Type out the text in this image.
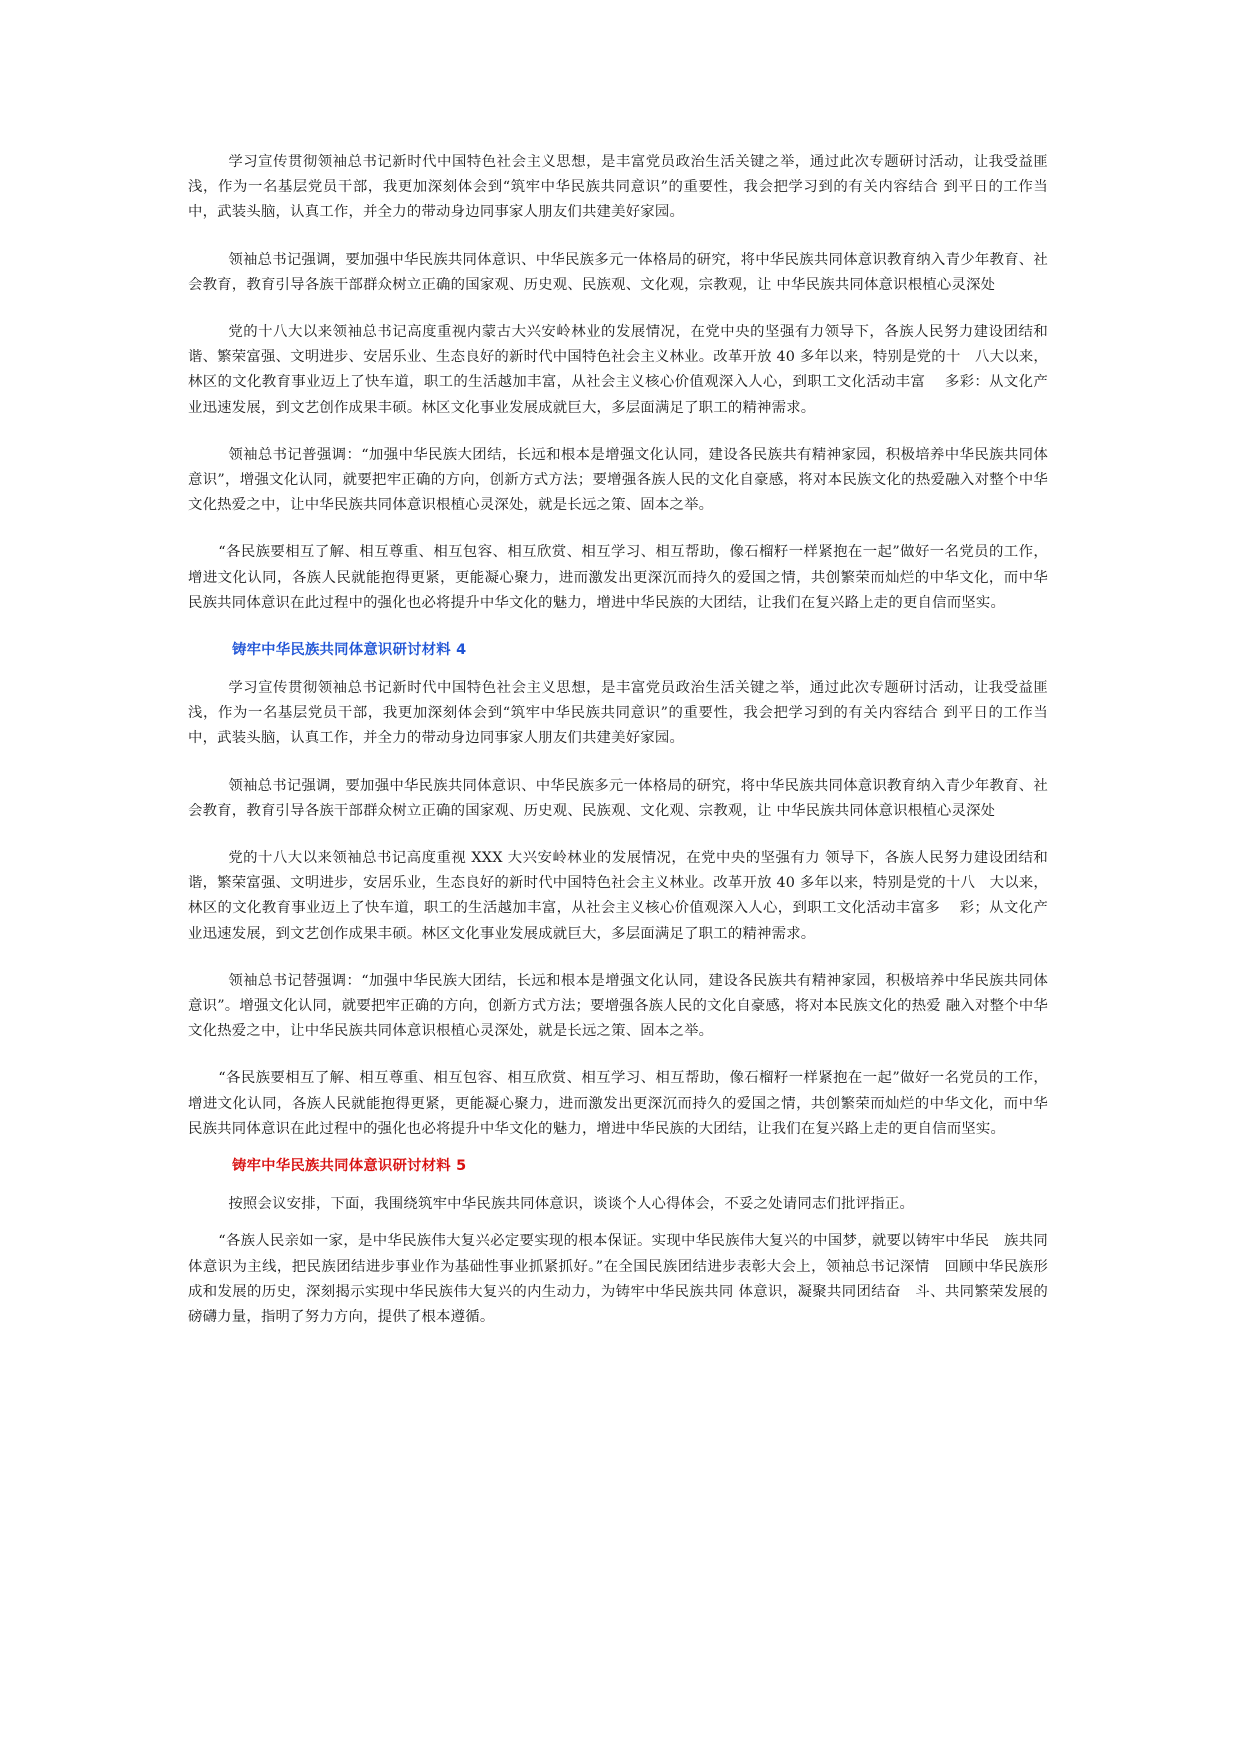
学习宣传贯彻领袖总书记新时代中国特色社会主义思想，是丰富党员政治生活关键之举，通过此次专题研讨活动，让我受益匪浅，作为一名基层党员干部，我更加深刻体会到“筑牢中华民族共同意识”的重要性，我会把学习到的有关内容结合 到平日的工作当中，武装头脑，认真工作，并全力的带动身边同事家人朋友们共建美好家园。

领袖总书记强调，要加强中华民族共同体意识、中华民族多元一体格局的研究，将中华民族共同体意识教育纳入青少年教育、社会教育，教育引导各族干部群众树立正确的国家观、历史观、民族观、文化观，宗教观，让 中华民族共同体意识根植心灵深处

党的十八大以来领袖总书记高度重视内蒙古大兴安岭林业的发展情况，在党中央的坚强有力领导下，各族人民努力建设团结和谐、繁荣富强、文明进步、安居乐业、生态良好的新时代中国特色社会主义林业。改革开放 40 多年以来，特别是党的十　八大以来，林区的文化教育事业迈上了快车道，职工的生活越加丰富，从社会主义核心价值观深入人心，到职工文化活动丰富　 多彩：从文化产业迅速发展，到文艺创作成果丰硕。林区文化事业发展成就巨大，多层面满足了职工的精神需求。

领袖总书记普强调：“加强中华民族大团结，长远和根本是增强文化认同，建设各民族共有精神家园，积极培养中华民族共同体意识”，增强文化认同，就要把牢正确的方向，创新方式方法；要增强各族人民的文化自豪感，将对本民族文化的热爱融入对整个中华文化热爱之中，让中华民族共同体意识根植心灵深处，就是长远之策、固本之举。

“各民族要相互了解、相互尊重、相互包容、相互欣赏、相互学习、相互帮助，像石榴籽一样紧抱在一起”做好一名党员的工作，增进文化认同，各族人民就能抱得更紧，更能凝心聚力，进而激发出更深沉而持久的爱国之情，共创繁荣而灿烂的中华文化，而中华民族共同体意识在此过程中的强化也必将提升中华文化的魅力，增进中华民族的大团结，让我们在复兴路上走的更自信而坚实。

铸牢中华民族共同体意识研讨材料 4

学习宣传贯彻领袖总书记新时代中国特色社会主义思想，是丰富党员政治生活关键之举，通过此次专题研讨活动，让我受益匪浅，作为一名基层党员干部，我更加深刻体会到“筑牢中华民族共同意识”的重要性，我会把学习到的有关内容结合 到平日的工作当中，武装头脑，认真工作，并全力的带动身边同事家人朋友们共建美好家园。

领袖总书记强调，要加强中华民族共同体意识、中华民族多元一体格局的研究，将中华民族共同体意识教育纳入青少年教育、社会教育，教育引导各族干部群众树立正确的国家观、历史观、民族观、文化观、宗教观，让 中华民族共同体意识根植心灵深处

党的十八大以来领袖总书记高度重视 XXX 大兴安岭林业的发展情况，在党中央的坚强有力 领导下，各族人民努力建设团结和谐，繁荣富强、文明进步，安居乐业，生态良好的新时代中国特色社会主义林业。改革开放 40 多年以来，特别是党的十八　大以来，林区的文化教育事业迈上了快车道，职工的生活越加丰富，从社会主义核心价值观深入人心，到职工文化活动丰富多　 彩；从文化产业迅速发展，到文艺创作成果丰硕。林区文化事业发展成就巨大，多层面满足了职工的精神需求。

领袖总书记替强调：“加强中华民族大团结，长远和根本是增强文化认同，建设各民族共有精神家园，积极培养中华民族共同体意识”。增强文化认同，就要把牢正确的方向，创新方式方法；要增强各族人民的文化自豪感，将对本民族文化的热爱 融入对整个中华文化热爱之中，让中华民族共同体意识根植心灵深处，就是长远之策、固本之举。

“各民族要相互了解、相互尊重、相互包容、相互欣赏、相互学习、相互帮助，像石榴籽一样紧抱在一起”做好一名党员的工作，增进文化认同，各族人民就能抱得更紧，更能凝心聚力，进而激发出更深沉而持久的爱国之情，共创繁荣而灿烂的中华文化，而中华民族共同体意识在此过程中的强化也必将提升中华文化的魅力，增进中华民族的大团结，让我们在复兴路上走的更自信而坚实。

铸牢中华民族共同体意识研讨材料 5

按照会议安排，下面，我围绕筑牢中华民族共同体意识，谈谈个人心得体会，不妥之处请同志们批评指正。

“各族人民亲如一家，是中华民族伟大复兴必定要实现的根本保证。实现中华民族伟大复兴的中国梦，就要以铸牢中华民　族共同体意识为主线，把民族团结进步事业作为基础性事业抓紧抓好。”在全国民族团结进步表彰大会上，领袖总书记深情　回顾中华民族形成和发展的历史，深刻揭示实现中华民族伟大复兴的内生动力，为铸牢中华民族共同 体意识，凝聚共同团结奋　斗、共同繁荣发展的磅礴力量，指明了努力方向，提供了根本遵循。
